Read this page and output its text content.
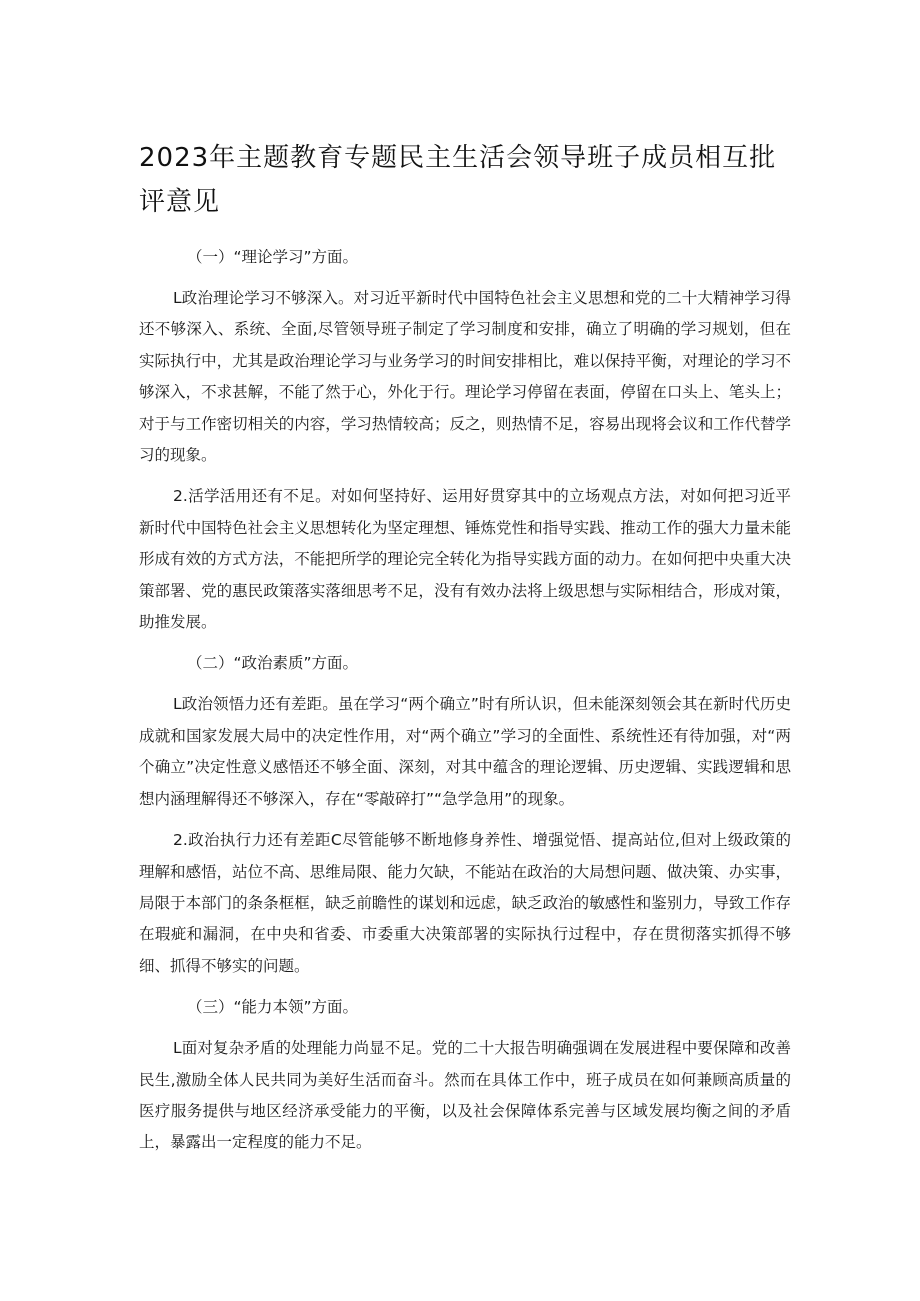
2023年主题教育专题民主生活会领导班子成员相互批评意见

（一）“理论学习”方面。

L政治理论学习不够深入。对习近平新时代中国特色社会主义思想和党的二十大精神学习得还不够深入、系统、全面,尽管领导班子制定了学习制度和安排，确立了明确的学习规划，但在实际执行中，尤其是政治理论学习与业务学习的时间安排相比，难以保持平衡，对理论的学习不够深入，不求甚解，不能了然于心，外化于行。理论学习停留在表面，停留在口头上、笔头上；对于与工作密切相关的内容，学习热情较高；反之，则热情不足，容易出现将会议和工作代替学习的现象。

2.活学活用还有不足。对如何坚持好、运用好贯穿其中的立场观点方法，对如何把习近平新时代中国特色社会主义思想转化为坚定理想、锤炼党性和指导实践、推动工作的强大力量未能形成有效的方式方法，不能把所学的理论完全转化为指导实践方面的动力。在如何把中央重大决策部署、党的惠民政策落实落细思考不足，没有有效办法将上级思想与实际相结合，形成对策，助推发展。

（二）“政治素质”方面。

L政治领悟力还有差距。虽在学习“两个确立”时有所认识，但未能深刻领会其在新时代历史成就和国家发展大局中的决定性作用，对“两个确立”学习的全面性、系统性还有待加强，对“两个确立”决定性意义感悟还不够全面、深刻，对其中蕴含的理论逻辑、历史逻辑、实践逻辑和思想内涵理解得还不够深入，存在“零敲碎打”“急学急用”的现象。

2.政治执行力还有差距C尽管能够不断地修身养性、增强觉悟、提高站位,但对上级政策的理解和感悟，站位不高、思维局限、能力欠缺，不能站在政治的大局想问题、做决策、办实事，局限于本部门的条条框框，缺乏前瞻性的谋划和远虑，缺乏政治的敏感性和鉴别力，导致工作存在瑕疵和漏洞，在中央和省委、市委重大决策部署的实际执行过程中，存在贯彻落实抓得不够细、抓得不够实的问题。

（三）“能力本领”方面。

L面对复杂矛盾的处理能力尚显不足。党的二十大报告明确强调在发展进程中要保障和改善民生,激励全体人民共同为美好生活而奋斗。然而在具体工作中，班子成员在如何兼顾高质量的医疗服务提供与地区经济承受能力的平衡，以及社会保障体系完善与区域发展均衡之间的矛盾上，暴露出一定程度的能力不足。
